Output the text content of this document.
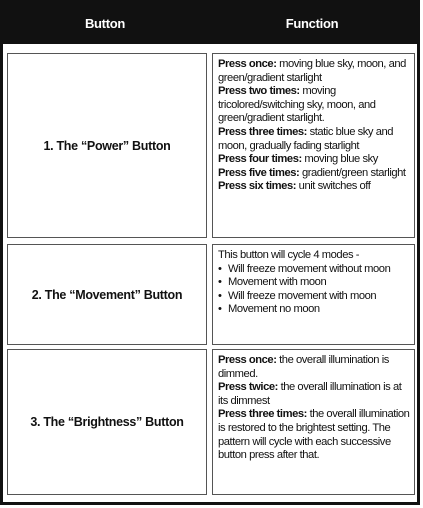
Button	Function
1. The “Power” Button
Press once: moving blue sky, moon, and green/gradient starlight
Press two times: moving tricolored/switching sky, moon, and green/gradient starlight.
Press three times: static blue sky and moon, gradually fading starlight
Press four times: moving blue sky
Press five times: gradient/green starlight
Press six times: unit switches off
2. The “Movement” Button
This button will cycle 4 modes -
• Will freeze movement without moon
• Movement with moon
• Will freeze movement with moon
• Movement no moon
3. The “Brightness” Button
Press once: the overall illumination is dimmed.
Press twice: the overall illumination is at its dimmest
Press three times: the overall illumination is restored to the brightest setting. The pattern will cycle with each successive button press after that.
